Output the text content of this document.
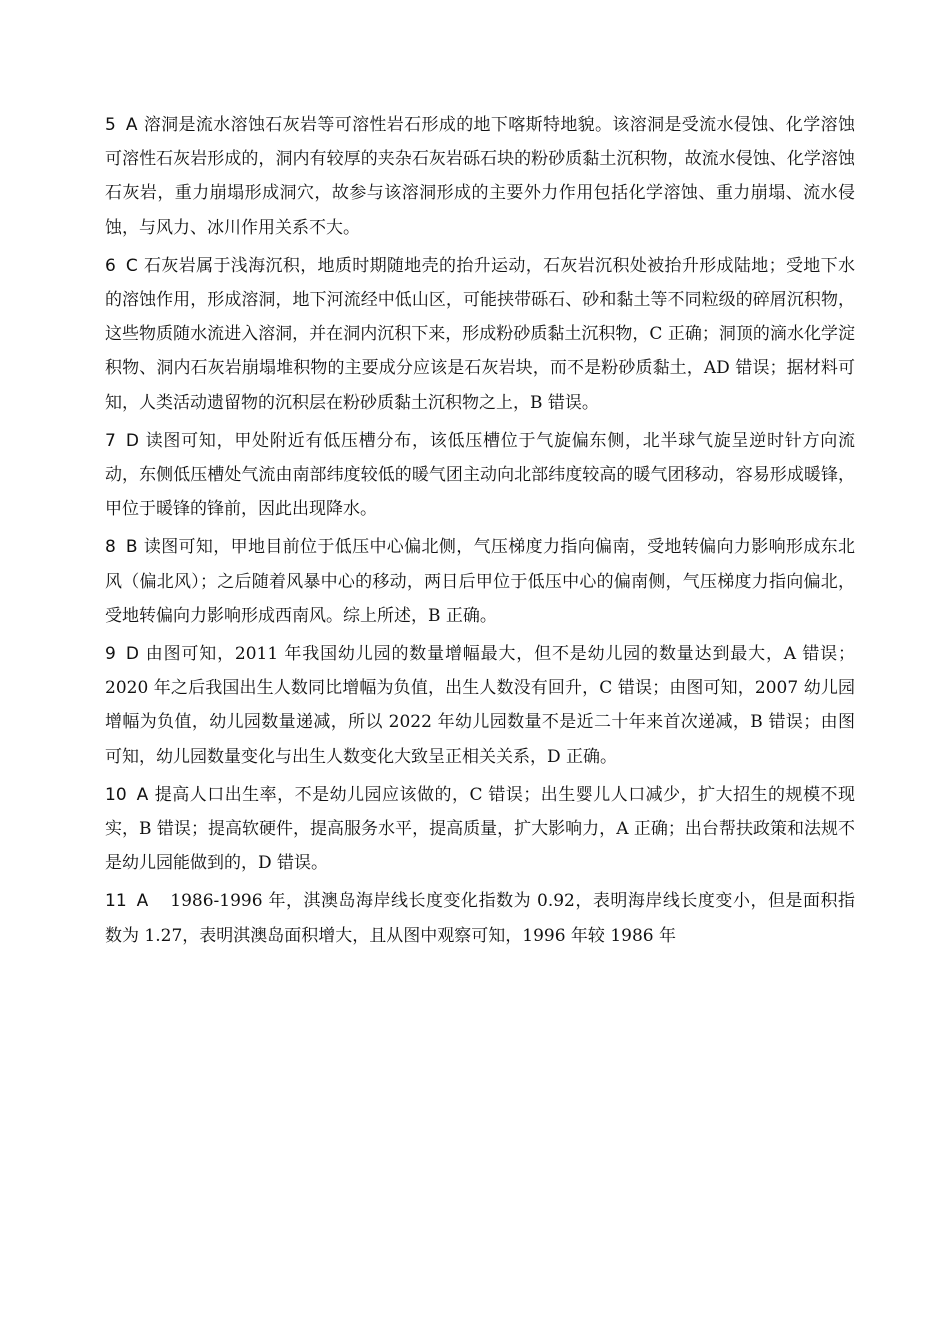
5 A 溶洞是流水溶蚀石灰岩等可溶性岩石形成的地下喀斯特地貌。该溶洞是受流水侵蚀、化学溶蚀可溶性石灰岩形成的，洞内有较厚的夹杂石灰岩砾石块的粉砂质黏土沉积物，故流水侵蚀、化学溶蚀石灰岩，重力崩塌形成洞穴，故参与该溶洞形成的主要外力作用包括化学溶蚀、重力崩塌、流水侵蚀，与风力、冰川作用关系不大。

6 C 石灰岩属于浅海沉积，地质时期随地壳的抬升运动，石灰岩沉积处被抬升形成陆地；受地下水的溶蚀作用，形成溶洞，地下河流经中低山区，可能挟带砾石、砂和黏土等不同粒级的碎屑沉积物，这些物质随水流进入溶洞，并在洞内沉积下来，形成粉砂质黏土沉积物，C 正确；洞顶的滴水化学淀积物、洞内石灰岩崩塌堆积物的主要成分应该是石灰岩块，而不是粉砂质黏土，AD 错误；据材料可知，人类活动遗留物的沉积层在粉砂质黏土沉积物之上，B 错误。

7 D 读图可知，甲处附近有低压槽分布，该低压槽位于气旋偏东侧，北半球气旋呈逆时针方向流动，东侧低压槽处气流由南部纬度较低的暖气团主动向北部纬度较高的暖气团移动，容易形成暖锋，甲位于暖锋的锋前，因此出现降水。

8 B 读图可知，甲地目前位于低压中心偏北侧，气压梯度力指向偏南，受地转偏向力影响形成东北风（偏北风）；之后随着风暴中心的移动，两日后甲位于低压中心的偏南侧，气压梯度力指向偏北，受地转偏向力影响形成西南风。综上所述，B 正确。

9 D 由图可知，2011 年我国幼儿园的数量增幅最大，但不是幼儿园的数量达到最大，A 错误；2020 年之后我国出生人数同比增幅为负值，出生人数没有回升，C 错误；由图可知，2007 幼儿园增幅为负值，幼儿园数量递减，所以 2022 年幼儿园数量不是近二十年来首次递减，B 错误；由图可知，幼儿园数量变化与出生人数变化大致呈正相关关系，D 正确。

10 A 提高人口出生率，不是幼儿园应该做的，C 错误；出生婴儿人口减少，扩大招生的规模不现实，B 错误；提高软硬件，提高服务水平，提高质量，扩大影响力，A 正确；出台帮扶政策和法规不是幼儿园能做到的，D 错误。

11 A 1986-1996 年，淇澳岛海岸线长度变化指数为 0.92，表明海岸线长度变小，但是面积指数为 1.27，表明淇澳岛面积增大，且从图中观察可知，1996 年较 1986 年
